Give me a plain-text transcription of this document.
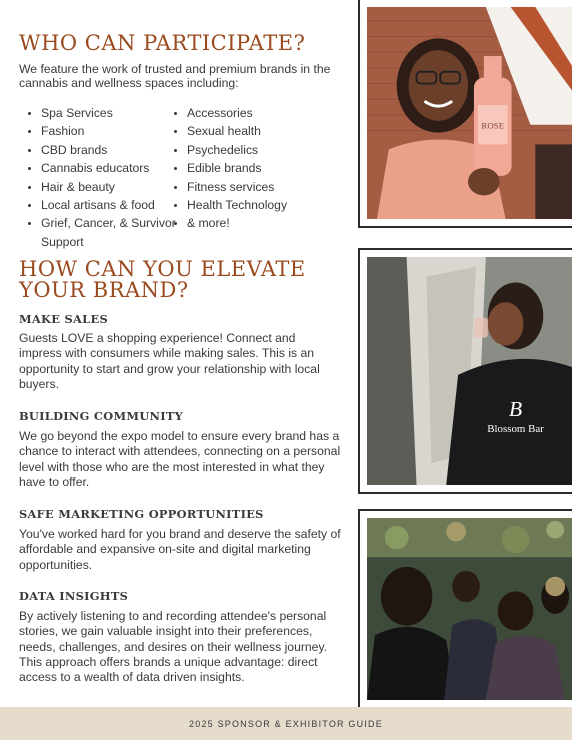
WHO CAN PARTICIPATE?

We feature the work of trusted and premium brands in the cannabis and wellness spaces including:

• Spa Services
• Fashion
• CBD brands
• Cannabis educators
• Hair & beauty
• Local artisans & food
• Grief, Cancer, & Survivor Support
• Accessories
• Sexual health
• Psychedelics
• Edible brands
• Fitness services
• Health Technology
• & more!
HOW CAN YOU ELEVATE
YOUR BRAND?
MAKE SALES

Guests LOVE a shopping experience! Connect and impress with consumers while making sales. This is an opportunity to start and grow your relationship with local buyers.

BUILDING COMMUNITY

We go beyond the expo model to ensure every brand has a chance to interact with attendees, connecting on a personal level with those who are the most interested in what they have to offer.

SAFE MARKETING OPPORTUNITIES

You've worked hard for you brand and deserve the safety of affordable and expansive on-site and digital marketing opportunities.

DATA INSIGHTS

By actively listening to and recording attendee's personal stories, we gain valuable insight into their preferences, needs, challenges, and desires on their wellness journey. This approach offers brands a unique advantage: direct access to a wealth of data driven insights.

ROSE
Blossom Bar
B
2025 SPONSOR & EXHIBITOR GUIDE
